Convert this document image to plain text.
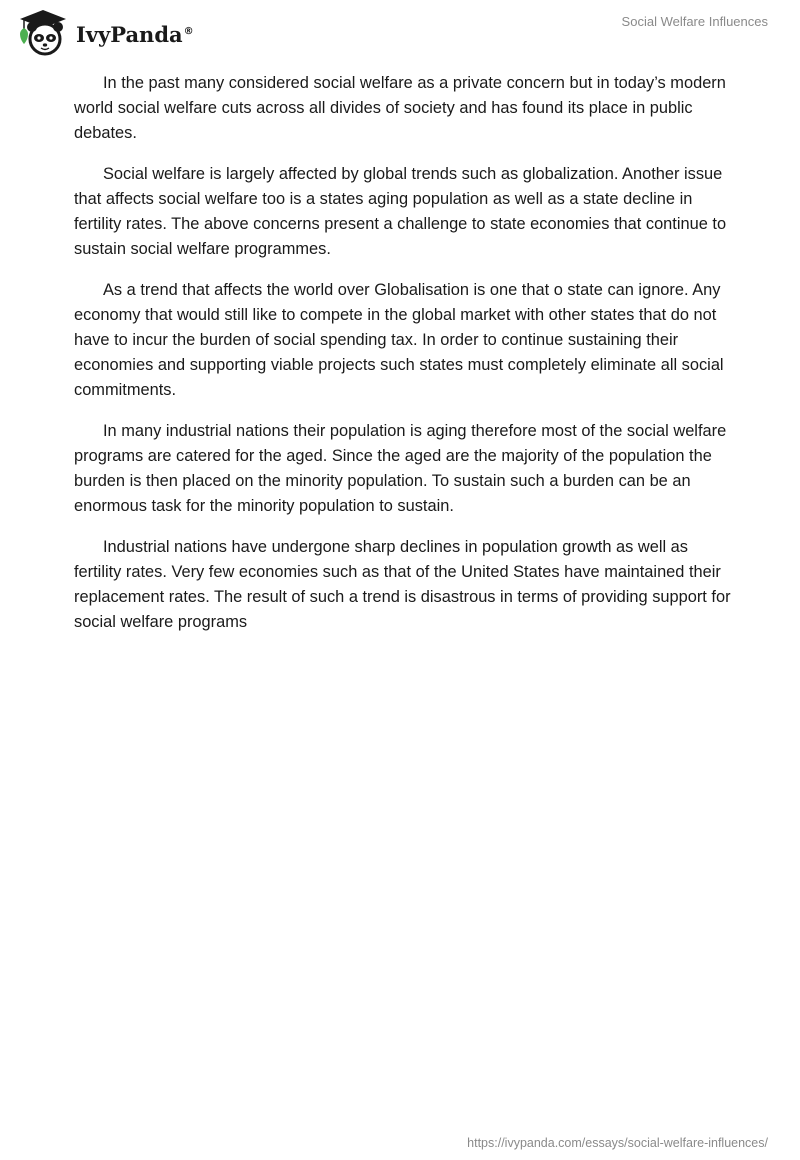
IvyPanda®
Social Welfare Influences

In the past many considered social welfare as a private concern but in today’s modern world social welfare cuts across all divides of society and has found its place in public debates.

Social welfare is largely affected by global trends such as globalization. Another issue that affects social welfare too is a states aging population as well as a state decline in fertility rates. The above concerns present a challenge to state economies that continue to sustain social welfare programmes.

As a trend that affects the world over Globalisation is one that o state can ignore. Any economy that would still like to compete in the global market with other states that do not have to incur the burden of social spending tax. In order to continue sustaining their economies and supporting viable projects such states must completely eliminate all social commitments.

In many industrial nations their population is aging therefore most of the social welfare programs are catered for the aged. Since the aged are the majority of the population the burden is then placed on the minority population. To sustain such a burden can be an enormous task for the minority population to sustain.

Industrial nations have undergone sharp declines in population growth as well as fertility rates. Very few economies such as that of the United States have maintained their replacement rates. The result of such a trend is disastrous in terms of providing support for social welfare programs

https://ivypanda.com/essays/social-welfare-influences/
